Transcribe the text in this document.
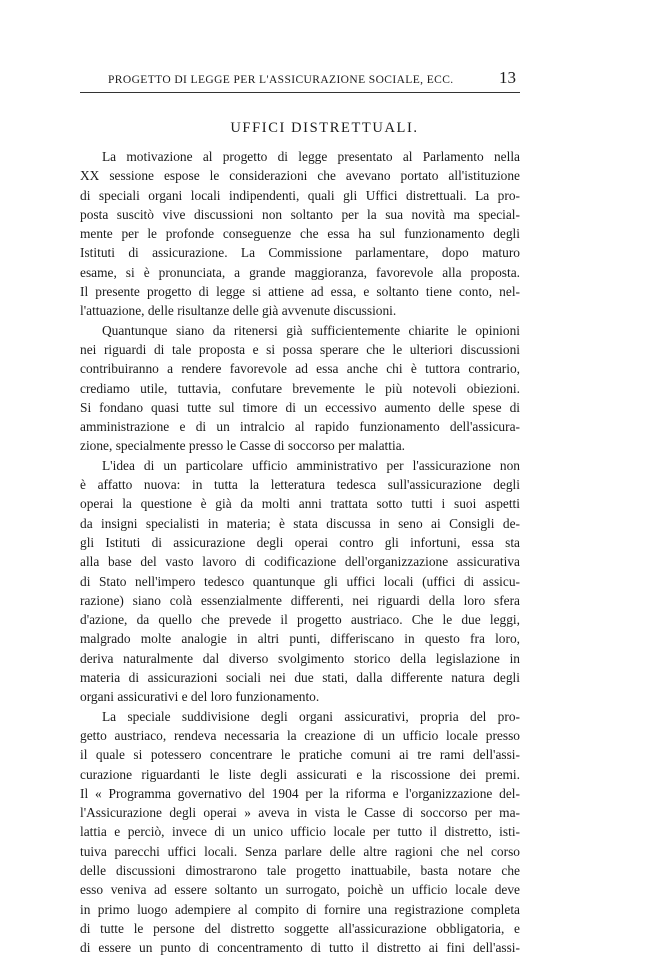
PROGETTO DI LEGGE PER L'ASSICURAZIONE SOCIALE, ECC.	13
UFFICI DISTRETTUALI.
La motivazione al progetto di legge presentato al Parlamento nella
XX sessione espose le considerazioni che avevano portato all'istituzione
di speciali organi locali indipendenti, quali gli Uffici distrettuali. La pro-
posta suscitò vive discussioni non soltanto per la sua novità ma special-
mente per le profonde conseguenze che essa ha sul funzionamento degli
Istituti di assicurazione. La Commissione parlamentare, dopo maturo
esame, si è pronunciata, a grande maggioranza, favorevole alla proposta.
Il presente progetto di legge si attiene ad essa, e soltanto tiene conto, nel-
l'attuazione, delle risultanze delle già avvenute discussioni.
Quantunque siano da ritenersi già sufficientemente chiarite le opinioni
nei riguardi di tale proposta e si possa sperare che le ulteriori discussioni
contribuiranno a rendere favorevole ad essa anche chi è tuttora contrario,
crediamo utile, tuttavia, confutare brevemente le più notevoli obiezioni.
Si fondano quasi tutte sul timore di un eccessivo aumento delle spese di
amministrazione e di un intralcio al rapido funzionamento dell'assicura-
zione, specialmente presso le Casse di soccorso per malattia.
L'idea di un particolare ufficio amministrativo per l'assicurazione non
è affatto nuova: in tutta la letteratura tedesca sull'assicurazione degli
operai la questione è già da molti anni trattata sotto tutti i suoi aspetti
da insigni specialisti in materia; è stata discussa in seno ai Consigli de-
gli Istituti di assicurazione degli operai contro gli infortuni, essa sta
alla base del vasto lavoro di codificazione dell'organizzazione assicurativa
di Stato nell'impero tedesco quantunque gli uffici locali (uffici di assicu-
razione) siano colà essenzialmente differenti, nei riguardi della loro sfera
d'azione, da quello che prevede il progetto austriaco. Che le due leggi,
malgrado molte analogie in altri punti, differiscano in questo fra loro,
deriva naturalmente dal diverso svolgimento storico della legislazione in
materia di assicurazioni sociali nei due stati, dalla differente natura degli
organi assicurativi e del loro funzionamento.
La speciale suddivisione degli organi assicurativi, propria del pro-
getto austriaco, rendeva necessaria la creazione di un ufficio locale presso
il quale si potessero concentrare le pratiche comuni ai tre rami dell'assi-
curazione riguardanti le liste degli assicurati e la riscossione dei premi.
Il « Programma governativo del 1904 per la riforma e l'organizzazione del-
l'Assicurazione degli operai » aveva in vista le Casse di soccorso per ma-
lattia e perciò, invece di un unico ufficio locale per tutto il distretto, isti-
tuiva parecchi uffici locali. Senza parlare delle altre ragioni che nel corso
delle discussioni dimostrarono tale progetto inattuabile, basta notare che
esso veniva ad essere soltanto un surrogato, poichè un ufficio locale deve
in primo luogo adempiere al compito di fornire una registrazione completa
di tutte le persone del distretto soggette all'assicurazione obbligatoria, e
di essere un punto di concentramento di tutto il distretto ai fini dell'assi-
